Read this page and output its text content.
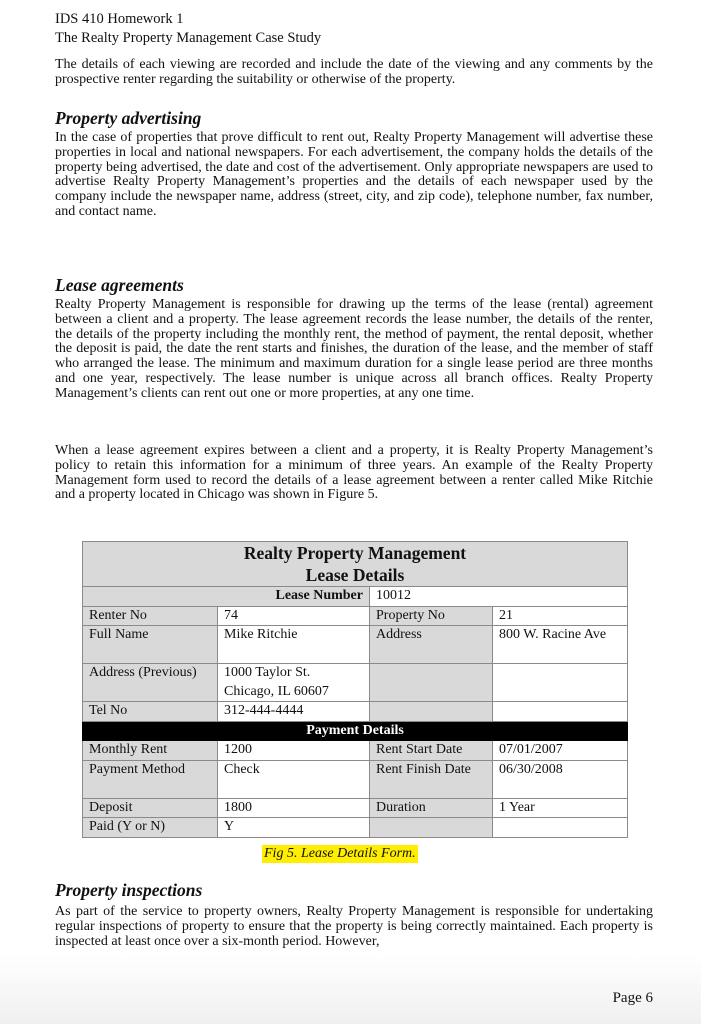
IDS 410 Homework 1
The Realty Property Management Case Study

The details of each viewing are recorded and include the date of the viewing and any comments by the prospective renter regarding the suitability or otherwise of the property.

Property advertising

In the case of properties that prove difficult to rent out, Realty Property Management will advertise these properties in local and national newspapers. For each advertisement, the company holds the details of the property being advertised, the date and cost of the advertisement. Only appropriate newspapers are used to advertise Realty Property Management’s properties and the details of each newspaper used by the company include the newspaper name, address (street, city, and zip code), telephone number, fax number, and contact name.

Lease agreements

Realty Property Management is responsible for drawing up the terms of the lease (rental) agreement between a client and a property. The lease agreement records the lease number, the details of the renter, the details of the property including the monthly rent, the method of payment, the rental deposit, whether the deposit is paid, the date the rent starts and finishes, the duration of the lease, and the member of staff who arranged the lease. The minimum and maximum duration for a single lease period are three months and one year, respectively. The lease number is unique across all branch offices. Realty Property Management’s clients can rent out one or more properties, at any one time.

When a lease agreement expires between a client and a property, it is Realty Property Management’s policy to retain this information for a minimum of three years. An example of the Realty Property Management form used to record the details of a lease agreement between a renter called Mike Ritchie and a property located in Chicago was shown in Figure 5.

Realty Property Management
Lease Details			

Lease Number		10012	
Renter No	74	Property No	21
Full Name	Mike Ritchie	Address	800 W. Racine Ave
Address (Previous)	1000 Taylor St.
Chicago, IL 60607		

Tel No	312-444-4444		
Payment Details			
Monthly Rent	1200	Rent Start Date	07/01/2007
Payment Method	Check	Rent Finish Date	06/30/2008
Deposit	1800	Duration	1 Year
Paid (Y or N)	Y		
Fig 5. Lease Details Form.
Property inspections

As part of the service to property owners, Realty Property Management is responsible for undertaking regular inspections of property to ensure that the property is being correctly maintained. Each property is inspected at least once over a six-month period. However,

Page 6
